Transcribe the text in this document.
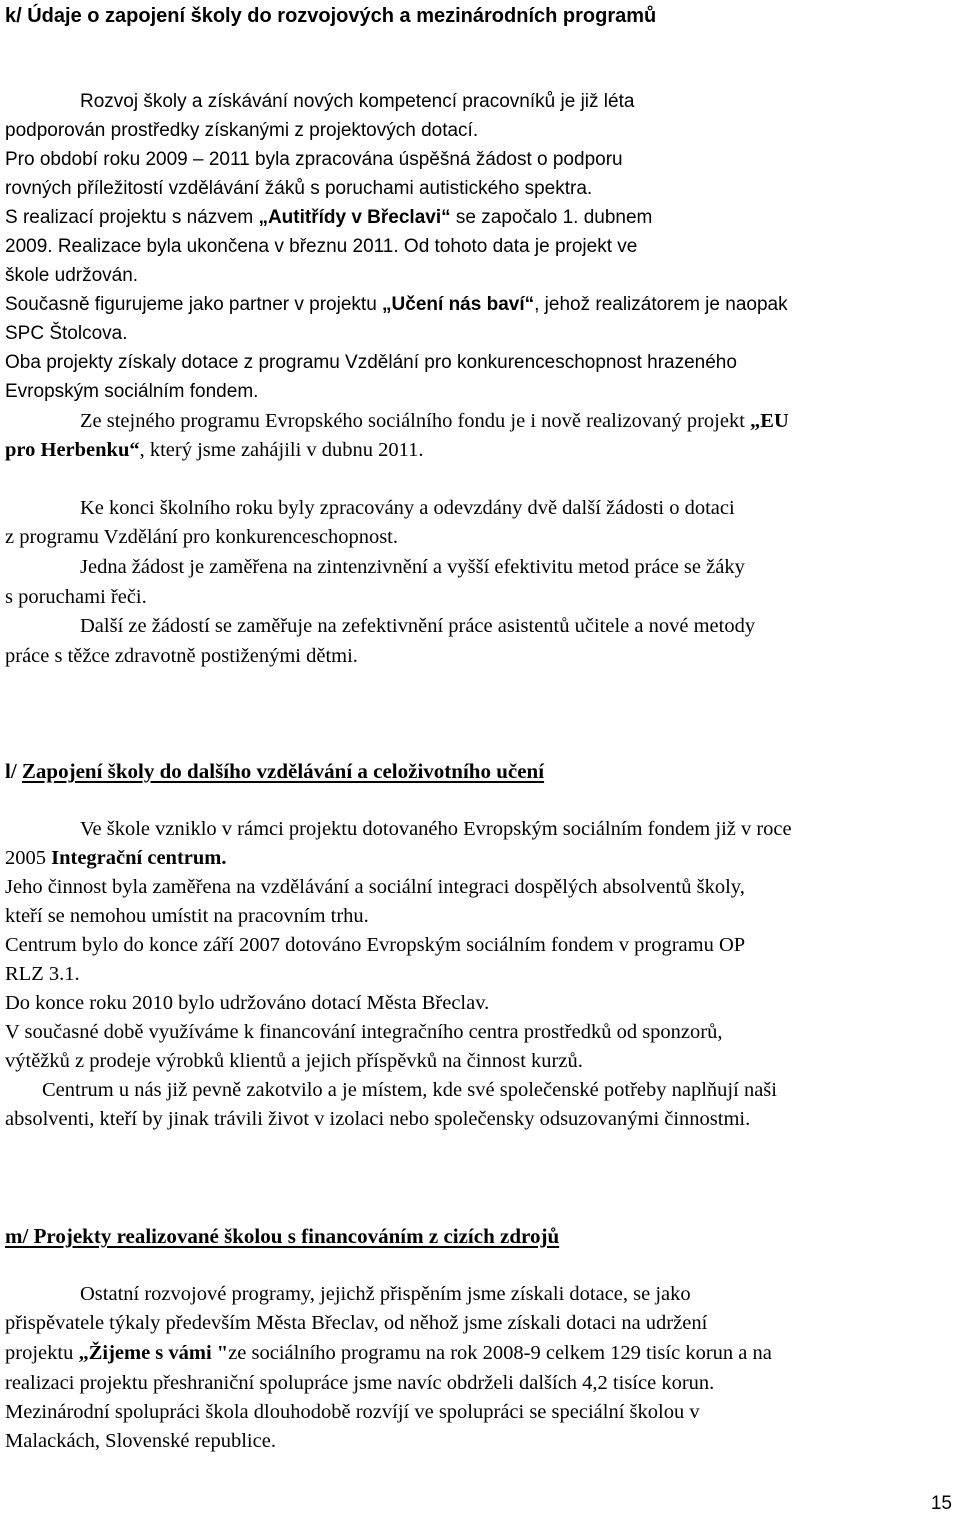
k/ Údaje o zapojení školy do rozvojových a mezinárodních programů
Rozvoj školy a získávání nových kompetencí pracovníků je již léta
podporován prostředky získanými z projektových dotací.
Pro období roku 2009 – 2011 byla zpracována úspěšná žádost o podporu
rovných příležitostí vzdělávání žáků s poruchami autistického spektra.
S realizací projektu s názvem „Autitřídy v Břeclavi“ se započalo 1. dubnem
2009. Realizace byla ukončena v březnu 2011. Od tohoto data je projekt ve
škole udržován.
Současně figurujeme jako partner v projektu „Učení nás baví“, jehož realizátorem je naopak
SPC Štolcova.
Oba projekty získaly dotace z programu Vzdělání pro konkurenceschopnost hrazeného
Evropským sociálním fondem.
Ze stejného programu Evropského sociálního fondu je i nově realizovaný projekt „EU
pro Herbenku“, který jsme zahájili v dubnu 2011.
Ke konci školního roku byly zpracovány a odevzdány dvě další žádosti o dotaci
z programu Vzdělání pro konkurenceschopnost.
Jedna žádost je zaměřena na zintenzivnění a vyšší efektivitu metod práce se žáky
s poruchami řeči.
Další ze žádostí se zaměřuje na zefektivnění práce asistentů učitele a nové metody
práce s těžce zdravotně postiženými dětmi.
l/ Zapojení školy do dalšího vzdělávání a celoživotního učení
Ve škole vzniklo v rámci projektu dotovaného Evropským sociálním fondem již v roce
2005 Integrační centrum.
Jeho činnost byla zaměřena na vzdělávání a sociální integraci dospělých absolventů školy,
kteří se nemohou umístit na pracovním trhu.
Centrum bylo do konce září 2007 dotováno Evropským sociálním fondem v programu OP
RLZ 3.1.
Do konce roku 2010 bylo udržováno dotací Města Břeclav.
V současné době využíváme k financování integračního centra prostředků od sponzorů,
výtěžků z prodeje výrobků klientů a jejich příspěvků na činnost kurzů.
Centrum u nás již pevně zakotvilo a je místem, kde své společenské potřeby naplňují naši
absolventi, kteří by jinak trávili život v izolaci nebo společensky odsuzovanými činnostmi.
m/ Projekty realizované školou s financováním z cizích zdrojů
Ostatní rozvojové programy, jejichž přispěním jsme získali dotace, se jako
přispěvatele týkaly především Města Břeclav, od něhož jsme získali dotaci na udržení
projektu „Žijeme s vámi "ze sociálního programu na rok 2008-9 celkem 129 tisíc korun a na
realizaci projektu přeshraniční spolupráce jsme navíc obdrželi dalších 4,2 tisíce korun.
Mezinárodní spolupráci škola dlouhodobě rozvíjí ve spolupráci se speciální školou v
Malackách, Slovenské republice.
15
